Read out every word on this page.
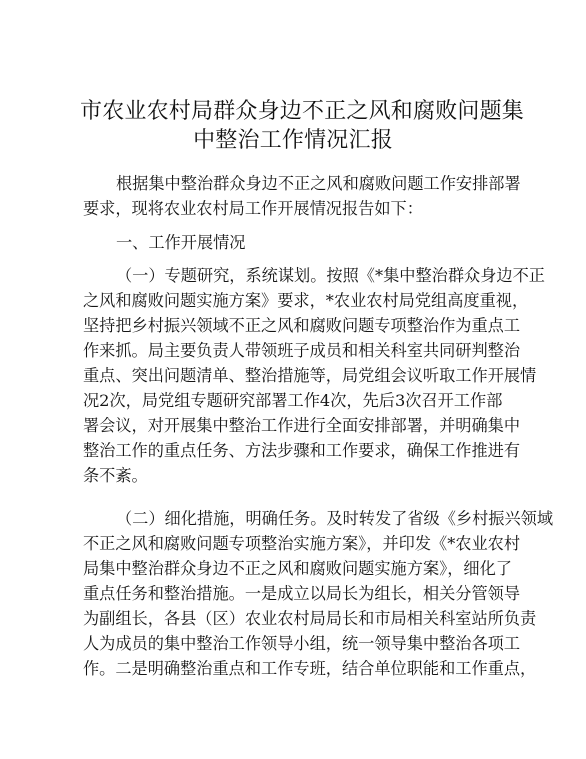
市农业农村局群众身边不正之风和腐败问题集
中整治工作情况汇报
根据集中整治群众身边不正之风和腐败问题工作安排部署
要求，现将农业农村局工作开展情况报告如下：
一、工作开展情况
（一）专题研究，系统谋划。按照《*集中整治群众身边不正
之风和腐败问题实施方案》要求，*农业农村局党组高度重视，
坚持把乡村振兴领域不正之风和腐败问题专项整治作为重点工
作来抓。局主要负责人带领班子成员和相关科室共同研判整治
重点、突出问题清单、整治措施等，局党组会议听取工作开展情
况2次，局党组专题研究部署工作4次，先后3次召开工作部
署会议，对开展集中整治工作进行全面安排部署，并明确集中
整治工作的重点任务、方法步骤和工作要求，确保工作推进有
条不紊。
（二）细化措施，明确任务。及时转发了省级《乡村振兴领域
不正之风和腐败问题专项整治实施方案》，并印发《*农业农村
局集中整治群众身边不正之风和腐败问题实施方案》，细化了
重点任务和整治措施。一是成立以局长为组长，相关分管领导
为副组长，各县（区）农业农村局局长和市局相关科室站所负责
人为成员的集中整治工作领导小组，统一领导集中整治各项工
作。二是明确整治重点和工作专班，结合单位职能和工作重点，
